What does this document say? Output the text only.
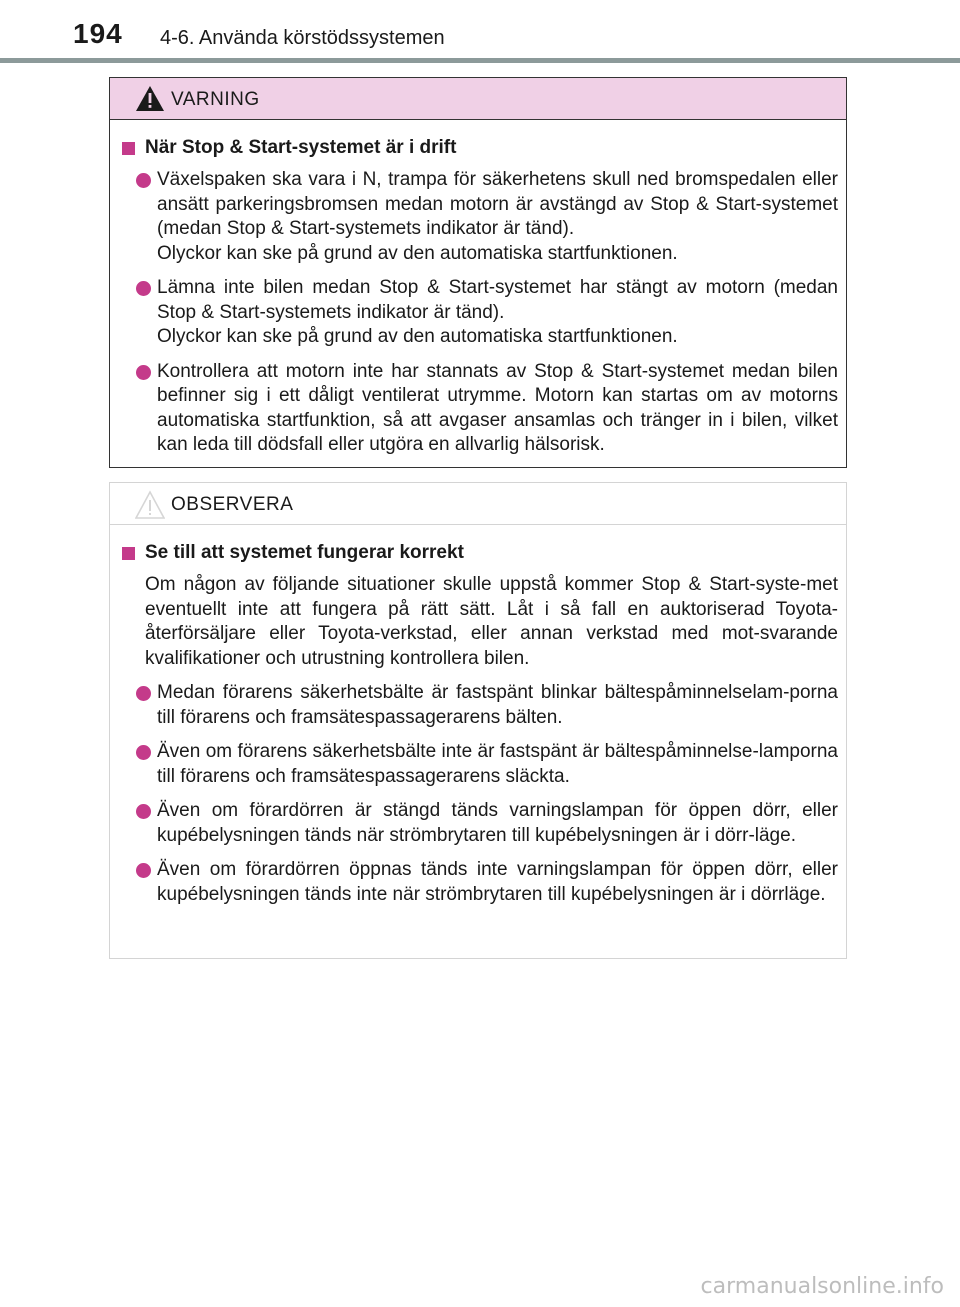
194 4-6. Använda körstödssystemen
VARNING
När Stop & Start-systemet är i drift
Växelspaken ska vara i N, trampa för säkerhetens skull ned bromspedalen eller ansätt parkeringsbromsen medan motorn är avstängd av Stop & Start-systemet (medan Stop & Start-systemets indikator är tänd).
Olyckor kan ske på grund av den automatiska startfunktionen.
Lämna inte bilen medan Stop & Start-systemet har stängt av motorn (medan Stop & Start-systemets indikator är tänd).
Olyckor kan ske på grund av den automatiska startfunktionen.
Kontrollera att motorn inte har stannats av Stop & Start-systemet medan bilen befinner sig i ett dåligt ventilerat utrymme. Motorn kan startas om av motorns automatiska startfunktion, så att avgaser ansamlas och tränger in i bilen, vilket kan leda till dödsfall eller utgöra en allvarlig hälsorisk.
OBSERVERA
Se till att systemet fungerar korrekt
Om någon av följande situationer skulle uppstå kommer Stop & Start-syste-met eventuellt inte att fungera på rätt sätt. Låt i så fall en auktoriserad Toyota-återförsäljare eller Toyota-verkstad, eller annan verkstad med mot-svarande kvalifikationer och utrustning kontrollera bilen.
Medan förarens säkerhetsbälte är fastspänt blinkar bältespåminnelselam-porna till förarens och framsätespassagerarens bälten.
Även om förarens säkerhetsbälte inte är fastspänt är bältespåminnelse-lamporna till förarens och framsätespassagerarens släckta.
Även om förardörren är stängd tänds varningslampan för öppen dörr, eller kupébelysningen tänds när strömbrytaren till kupébelysningen är i dörr-läge.
Även om förardörren öppnas tänds inte varningslampan för öppen dörr, eller kupébelysningen tänds inte när strömbrytaren till kupébelysningen är i dörrläge.
carmanualsonline.info
